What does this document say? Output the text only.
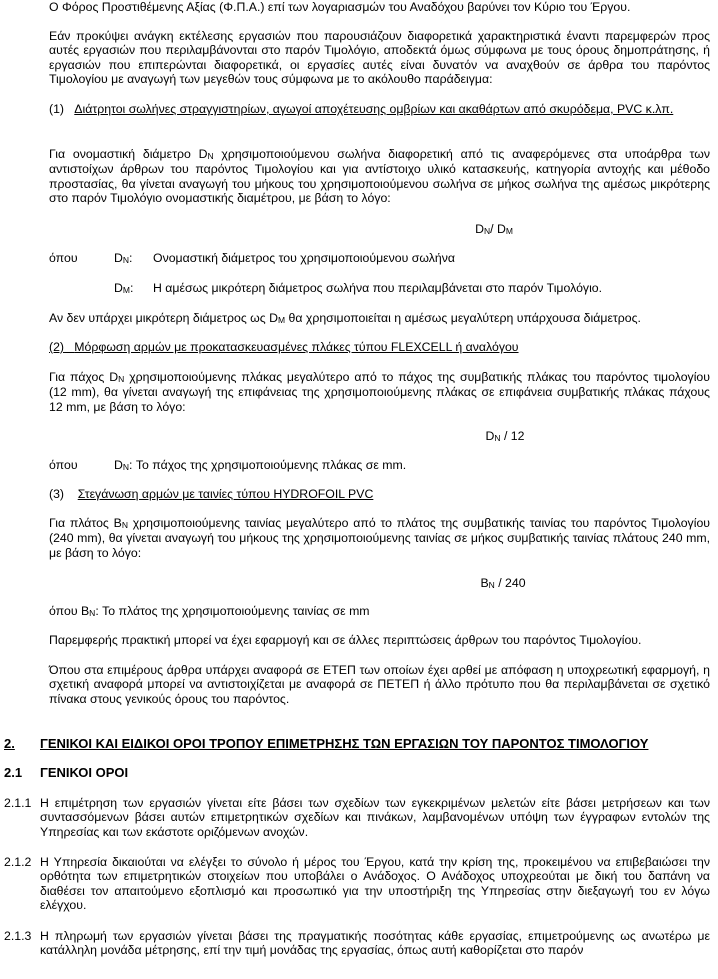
Ο Φόρος Προστιθέμενης Αξίας (Φ.Π.Α.) επί των λογαριασμών του Αναδόχου βαρύνει τον Κύριο του Έργου.

Εάν προκύψει ανάγκη εκτέλεσης εργασιών που παρουσιάζουν διαφορετικά χαρακτηριστικά έναντι παρεμφερών προς αυτές εργασιών που περιλαμβάνονται στο παρόν Τιμολόγιο, αποδεκτά όμως σύμφωνα με τους όρους δημοπράτησης, ή εργασιών που επιπερώνται διαφορετικά, οι εργασίες αυτές είναι δυνατόν να αναχθούν σε άρθρα του παρόντος Τιμολογίου με αναγωγή των μεγεθών τους σύμφωνα με το ακόλουθο παράδειγμα:

(1) Διάτρητοι σωλήνες στραγγιστηρίων, αγωγοί αποχέτευσης ομβρίων και ακαθάρτων από σκυρόδεμα, PVC κ.λπ.

Για ονομαστική διάμετρο DN χρησιμοποιούμενου σωλήνα διαφορετική από τις αναφερόμενες στα υποάρθρα των αντιστοίχων άρθρων του παρόντος Τιμολογίου και για αντίστοιχο υλικό κατασκευής, κατηγορία αντοχής και μέθοδο προστασίας, θα γίνεται αναγωγή του μήκους του χρησιμοποιούμενου σωλήνα σε μήκος σωλήνα της αμέσως μικρότερης στο παρόν Τιμολόγιο ονομαστικής διαμέτρου, με βάση το λόγο:

DN/ DM

όπου	DN: Ονομαστική διάμετρος του χρησιμοποιούμενου σωλήνα

DM: Η αμέσως μικρότερη διάμετρος σωλήνα που περιλαμβάνεται στο παρόν Τιμολόγιο.

Αν δεν υπάρχει μικρότερη διάμετρος ως DM θα χρησιμοποιείται η αμέσως μεγαλύτερη υπάρχουσα διάμετρος.

(2) Μόρφωση αρμών με προκατασκευασμένες πλάκες τύπου FLEXCELL ή αναλόγου

Για πάχος DN χρησιμοποιούμενης πλάκας μεγαλύτερο από το πάχος της συμβατικής πλάκας του παρόντος τιμολογίου (12 mm), θα γίνεται αναγωγή της επιφάνειας της χρησιμοποιούμενης πλάκας σε επιφάνεια συμβατικής πλάκας πάχους 12 mm, με βάση το λόγο:

DN / 12

όπου	DN: Το πάχος της χρησιμοποιούμενης πλάκας σε mm.

(3) Στεγάνωση αρμών με ταινίες τύπου HYDROFOIL PVC

Για πλάτος ΒN χρησιμοποιούμενης ταινίας μεγαλύτερο από το πλάτος της συμβατικής ταινίας του παρόντος Τιμολογίου (240 mm), θα γίνεται αναγωγή του μήκους της χρησιμοποιούμενης ταινίας σε μήκος συμβατικής ταινίας πλάτους 240 mm, με βάση το λόγο:

BN / 240

όπου BN: Το πλάτος της χρησιμοποιούμενης ταινίας σε mm

Παρεμφερής πρακτική μπορεί να έχει εφαρμογή και σε άλλες περιπτώσεις άρθρων του παρόντος Τιμολογίου.

Όπου στα επιμέρους άρθρα υπάρχει αναφορά σε ΕΤΕΠ των οποίων έχει αρθεί με απόφαση η υποχρεωτική εφαρμογή, η σχετική αναφορά μπορεί να αντιστοιχίζεται με αναφορά σε ΠΕΤΕΠ ή άλλο πρότυπο που θα περιλαμβάνεται σε σχετικό πίνακα στους γενικούς όρους του παρόντος.

2. ΓΕΝΙΚΟΙ ΚΑΙ ΕΙΔΙΚΟΙ ΟΡΟΙ ΤΡΟΠΟΥ ΕΠΙΜΕΤΡΗΣΗΣ ΤΩΝ ΕΡΓΑΣΙΩΝ ΤΟΥ ΠΑΡΟΝΤΟΣ ΤΙΜΟΛΟΓΙΟΥ

2.1 ΓΕΝΙΚΟΙ ΟΡΟΙ

2.1.1 Η επιμέτρηση των εργασιών γίνεται είτε βάσει των σχεδίων των εγκεκριμένων μελετών είτε βάσει μετρήσεων και των συντασσόμενων βάσει αυτών επιμετρητικών σχεδίων και πινάκων, λαμβανομένων υπόψη των έγγραφων εντολών της Υπηρεσίας και των εκάστοτε οριζόμενων ανοχών.

2.1.2 Η Υπηρεσία δικαιούται να ελέγξει το σύνολο ή μέρος του Έργου, κατά την κρίση της, προκειμένου να επιβεβαιώσει την ορθότητα των επιμετρητικών στοιχείων που υποβάλει ο Ανάδοχος. Ο Ανάδοχος υποχρεούται με δική του δαπάνη να διαθέσει τον απαιτούμενο εξοπλισμό και προσωπικό για την υποστήριξη της Υπηρεσίας στην διεξαγωγή του εν λόγω ελέγχου.

2.1.3 Η πληρωμή των εργασιών γίνεται βάσει της πραγματικής ποσότητας κάθε εργασίας, επιμετρούμενης ως ανωτέρω με κατάλληλη μονάδα μέτρησης, επί την τιμή μονάδας της εργασίας, όπως αυτή καθορίζεται στο παρόν
